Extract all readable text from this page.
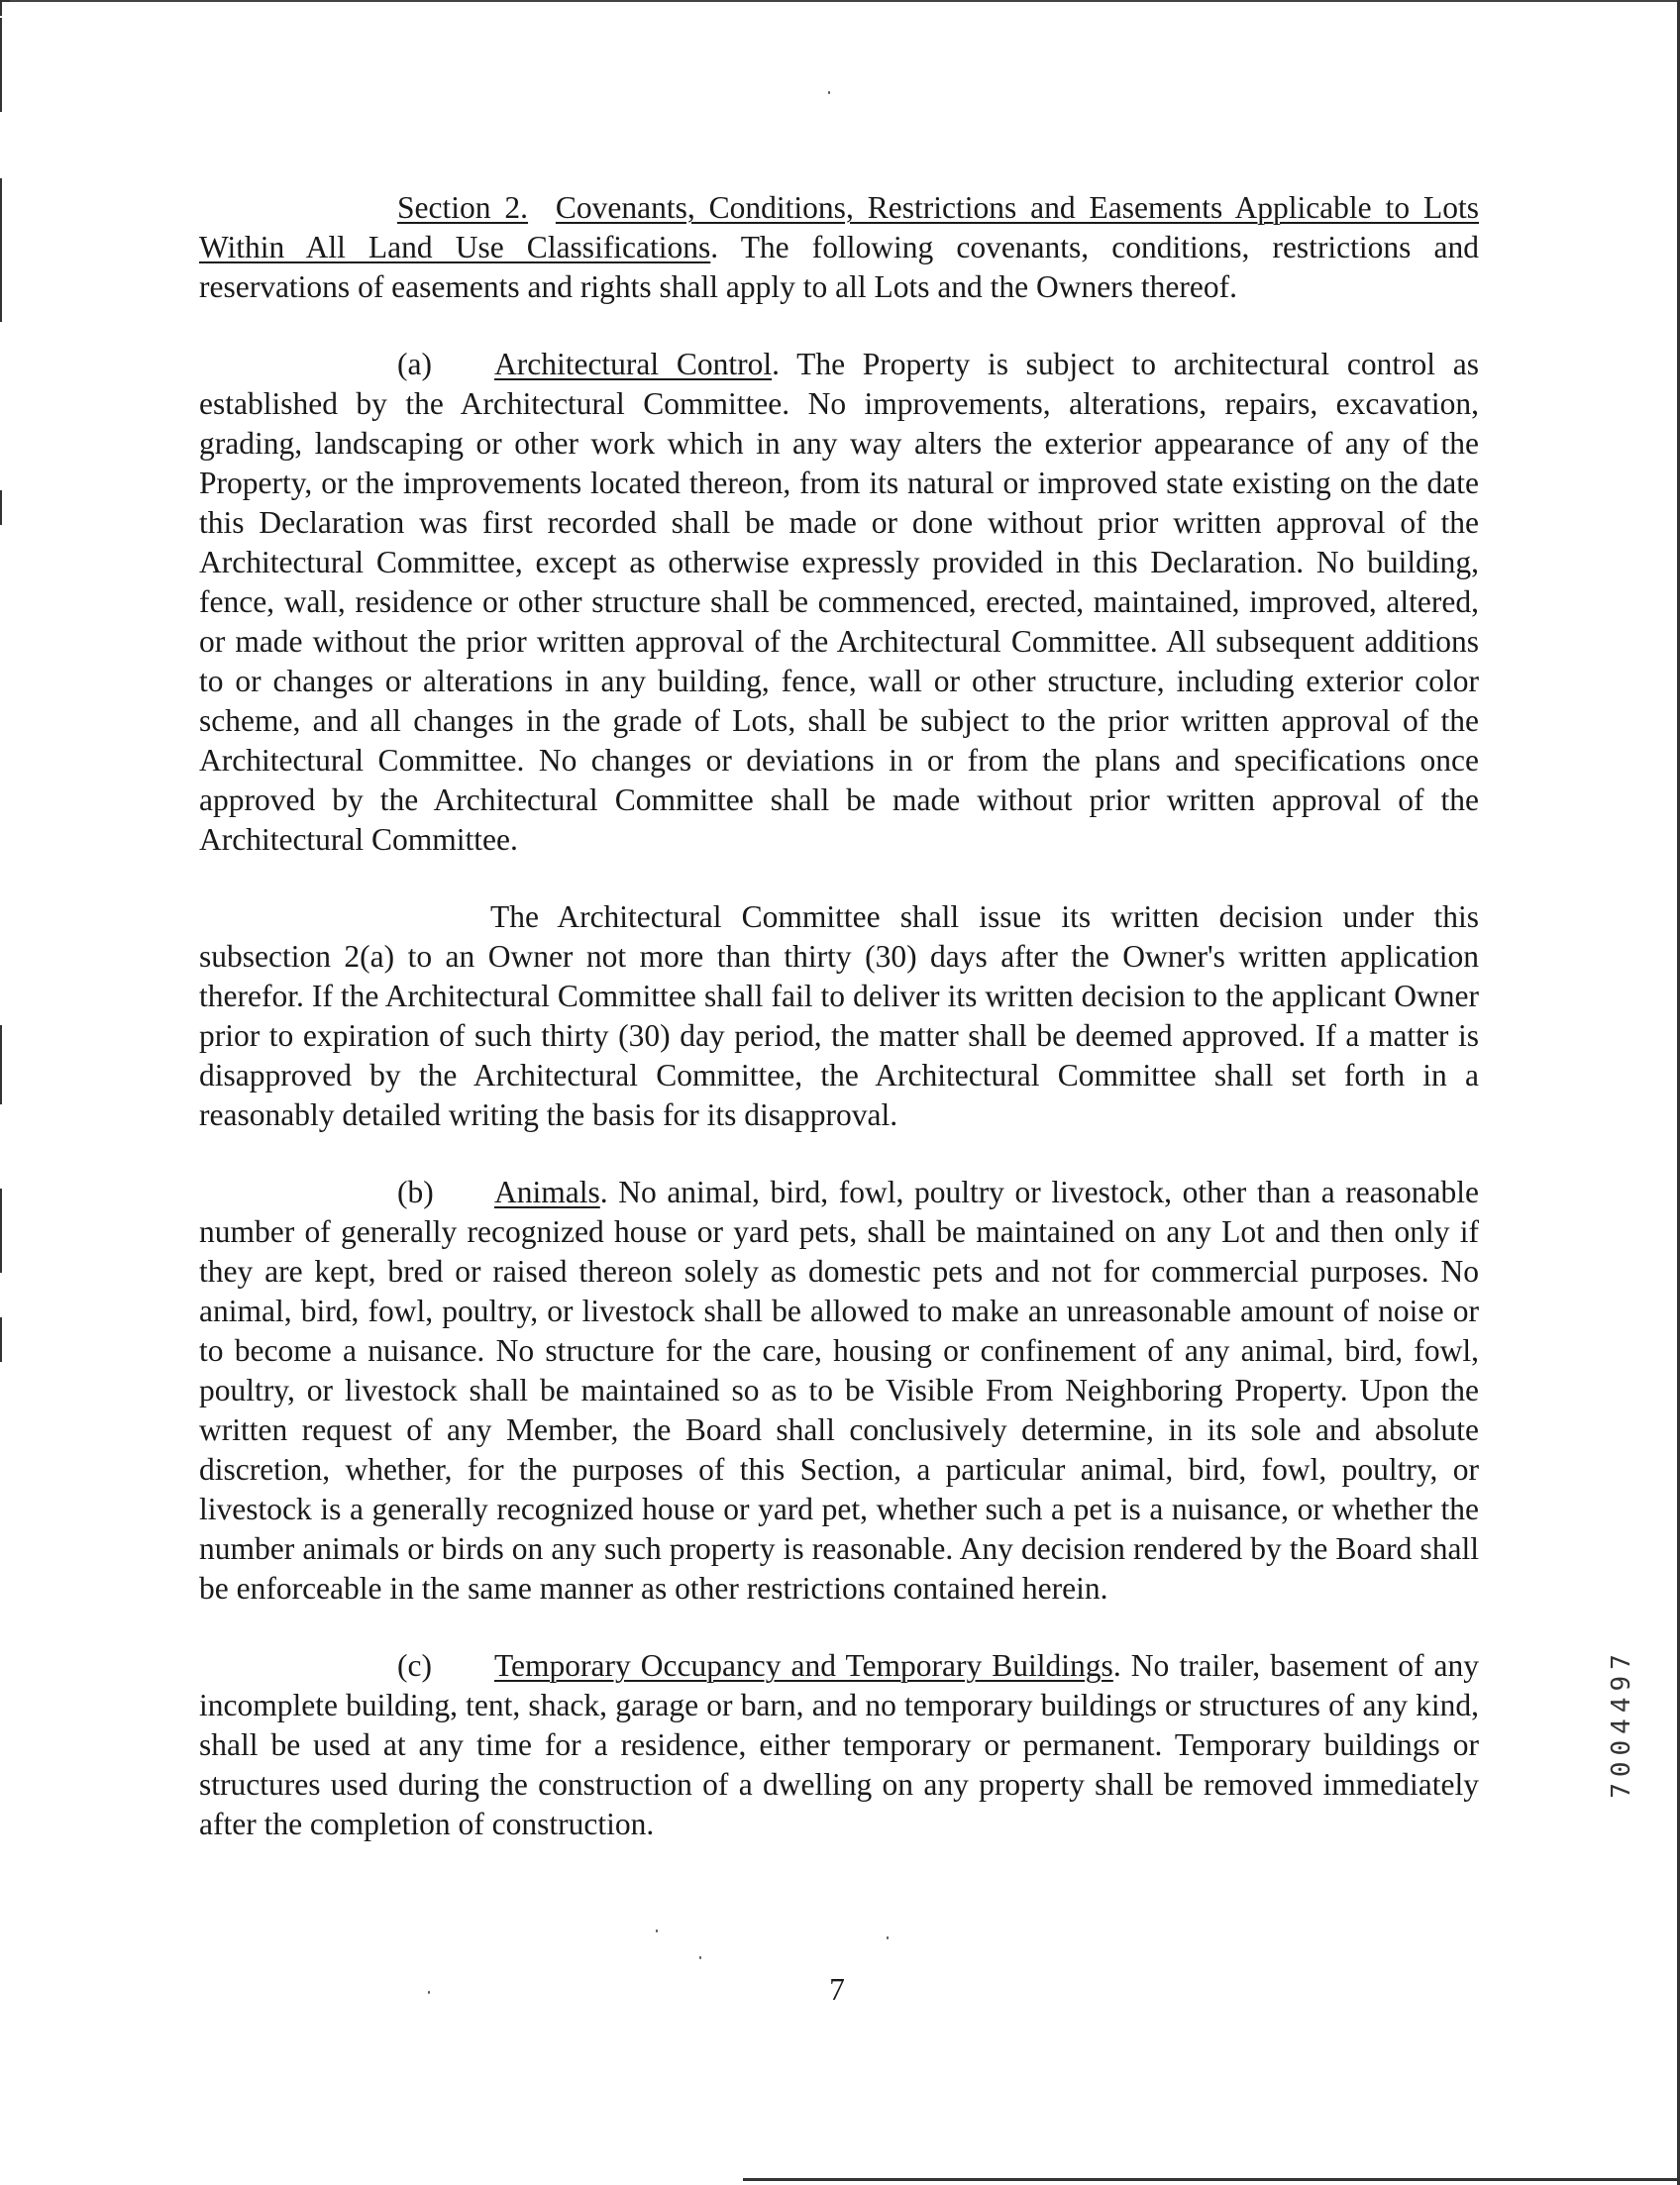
Section 2. Covenants, Conditions, Restrictions and Easements Applicable to Lots Within All Land Use Classifications. The following covenants, conditions, restrictions and reservations of easements and rights shall apply to all Lots and the Owners thereof.

(a) Architectural Control. The Property is subject to architectural control as established by the Architectural Committee. No improvements, alterations, repairs, excavation, grading, landscaping or other work which in any way alters the exterior appearance of any of the Property, or the improvements located thereon, from its natural or improved state existing on the date this Declaration was first recorded shall be made or done without prior written approval of the Architectural Committee, except as otherwise expressly provided in this Declaration. No building, fence, wall, residence or other structure shall be commenced, erected, maintained, improved, altered, or made without the prior written approval of the Architectural Committee. All subsequent additions to or changes or alterations in any building, fence, wall or other structure, including exterior color scheme, and all changes in the grade of Lots, shall be subject to the prior written approval of the Architectural Committee. No changes or deviations in or from the plans and specifications once approved by the Architectural Committee shall be made without prior written approval of the Architectural Committee.

The Architectural Committee shall issue its written decision under this subsection 2(a) to an Owner not more than thirty (30) days after the Owner's written application therefor. If the Architectural Committee shall fail to deliver its written decision to the applicant Owner prior to expiration of such thirty (30) day period, the matter shall be deemed approved. If a matter is disapproved by the Architectural Committee, the Architectural Committee shall set forth in a reasonably detailed writing the basis for its disapproval.

(b) Animals. No animal, bird, fowl, poultry or livestock, other than a reasonable number of generally recognized house or yard pets, shall be maintained on any Lot and then only if they are kept, bred or raised thereon solely as domestic pets and not for commercial purposes. No animal, bird, fowl, poultry, or livestock shall be allowed to make an unreasonable amount of noise or to become a nuisance. No structure for the care, housing or confinement of any animal, bird, fowl, poultry, or livestock shall be maintained so as to be Visible From Neighboring Property. Upon the written request of any Member, the Board shall conclusively determine, in its sole and absolute discretion, whether, for the purposes of this Section, a particular animal, bird, fowl, poultry, or livestock is a generally recognized house or yard pet, whether such a pet is a nuisance, or whether the number animals or birds on any such property is reasonable. Any decision rendered by the Board shall be enforceable in the same manner as other restrictions contained herein.

(c) Temporary Occupancy and Temporary Buildings. No trailer, basement of any incomplete building, tent, shack, garage or barn, and no temporary buildings or structures of any kind, shall be used at any time for a residence, either temporary or permanent. Temporary buildings or structures used during the construction of a dwelling on any property shall be removed immediately after the completion of construction.

7
7004497
